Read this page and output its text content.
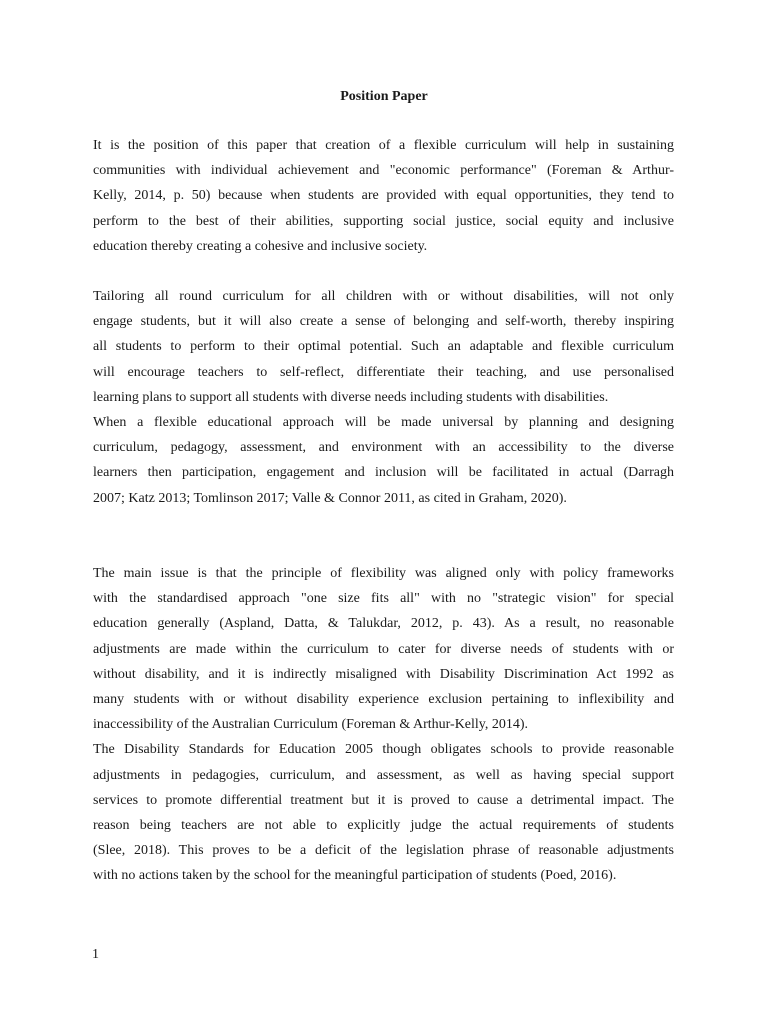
Position Paper
It is the position of this paper that creation of a flexible curriculum will help in sustaining
communities with individual achievement and "economic performance" (Foreman & Arthur-
Kelly, 2014, p. 50) because when students are provided with equal opportunities, they tend to
perform to the best of their abilities, supporting social justice, social equity and inclusive
education thereby creating a cohesive and inclusive society.
Tailoring all round curriculum for all children with or without disabilities, will not only
engage students, but it will also create a sense of belonging and self-worth, thereby inspiring
all students to perform to their optimal potential. Such an adaptable and flexible curriculum
will encourage teachers to self-reflect, differentiate their teaching, and use personalised
learning plans to support all students with diverse needs including students with disabilities.
When a flexible educational approach will be made universal by planning and designing
curriculum, pedagogy, assessment, and environment with an accessibility to the diverse
learners then participation, engagement and inclusion will be facilitated in actual (Darragh
2007; Katz 2013; Tomlinson 2017; Valle & Connor 2011, as cited in Graham, 2020).
The main issue is that the principle of flexibility was aligned only with policy frameworks
with the standardised approach "one size fits all" with no "strategic vision" for special
education generally (Aspland, Datta, & Talukdar, 2012, p. 43). As a result, no reasonable
adjustments are made within the curriculum to cater for diverse needs of students with or
without disability, and it is indirectly misaligned with Disability Discrimination Act 1992 as
many students with or without disability experience exclusion pertaining to inflexibility and
inaccessibility of the Australian Curriculum (Foreman & Arthur-Kelly, 2014).
The Disability Standards for Education 2005 though obligates schools to provide reasonable
adjustments in pedagogies, curriculum, and assessment, as well as having special support
services to promote differential treatment but it is proved to cause a detrimental impact. The
reason being teachers are not able to explicitly judge the actual requirements of students
(Slee, 2018). This proves to be a deficit of the legislation phrase of reasonable adjustments
with no actions taken by the school for the meaningful participation of students (Poed, 2016).
1
